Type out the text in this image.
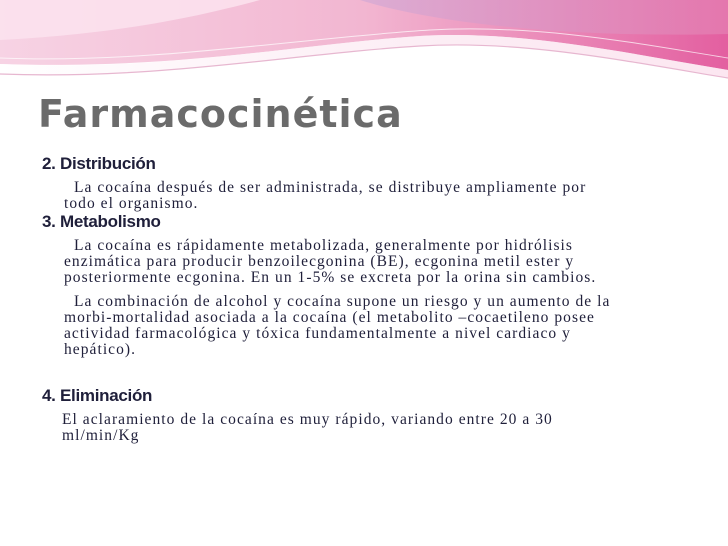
Farmacocinética
2. Distribución
La cocaína después de ser administrada, se distribuye ampliamente por
todo el organismo.
3. Metabolismo
La cocaína es rápidamente metabolizada, generalmente por hidrólisis
enzimática para producir benzoilecgonina (BE), ecgonina metil ester y
posteriormente ecgonina. En un 1-5% se excreta por la orina sin cambios.
La combinación de alcohol y cocaína supone un riesgo y un aumento de la
morbi-mortalidad asociada a la cocaína (el metabolito –cocaetileno posee
actividad farmacológica y tóxica fundamentalmente a nivel cardiaco y
hepático).
4. Eliminación
El aclaramiento de la cocaína es muy rápido, variando entre 20 a 30
ml/min/Kg
